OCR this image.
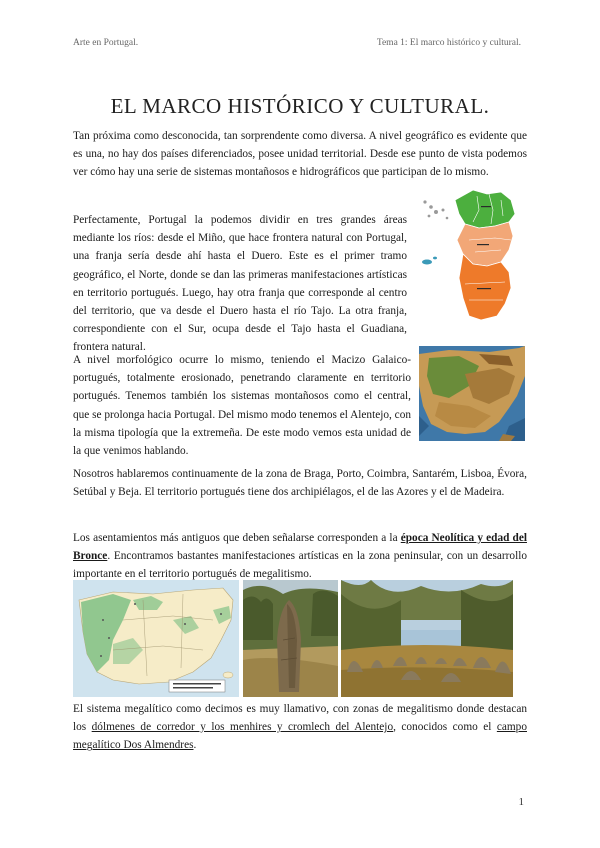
Arte en Portugal.	Tema 1: El marco histórico y cultural.
EL MARCO HISTÓRICO Y CULTURAL.

Tan próxima como desconocida, tan sorprendente como diversa. A nivel geográfico es evidente que es una, no hay dos países diferenciados, posee unidad territorial. Desde ese punto de vista podemos ver cómo hay una serie de sistemas montañosos e hidrográficos que participan de lo mismo.

Perfectamente, Portugal la podemos dividir en tres grandes áreas mediante los ríos: desde el Miño, que hace frontera natural con Portugal, una franja sería desde ahí hasta el Duero. Este es el primer tramo geográfico, el Norte, donde se dan las primeras manifestaciones artísticas en territorio portugués. Luego, hay otra franja que corresponde al centro del territorio, que va desde el Duero hasta el río Tajo. La otra franja, correspondiente con el Sur, ocupa desde el Tajo hasta el Guadiana, frontera natural.

A nivel morfológico ocurre lo mismo, teniendo el Macizo Galaico-portugués, totalmente erosionado, penetrando claramente en territorio portugués. Tenemos también los sistemas montañosos como el central, que se prolonga hacia Portugal. Del mismo modo tenemos el Alentejo, con la misma tipología que la extremeña. De este modo vemos esta unidad de la que venimos hablando.

Nosotros hablaremos continuamente de la zona de Braga, Porto, Coimbra, Santarém, Lisboa, Évora, Setúbal y Beja. El territorio portugués tiene dos archipiélagos, el de las Azores y el de Madeira.

Los asentamientos más antiguos que deben señalarse corresponden a la época Neolítica y edad del Bronce. Encontramos bastantes manifestaciones artísticas en la zona peninsular, con un desarrollo importante en el territorio portugués de megalitismo.

El sistema megalítico como decimos es muy llamativo, con zonas de megalitismo donde destacan los dólmenes de corredor y los menhires y cromlech del Alentejo, conocidos como el campo megalítico Dos Almendres.

1
